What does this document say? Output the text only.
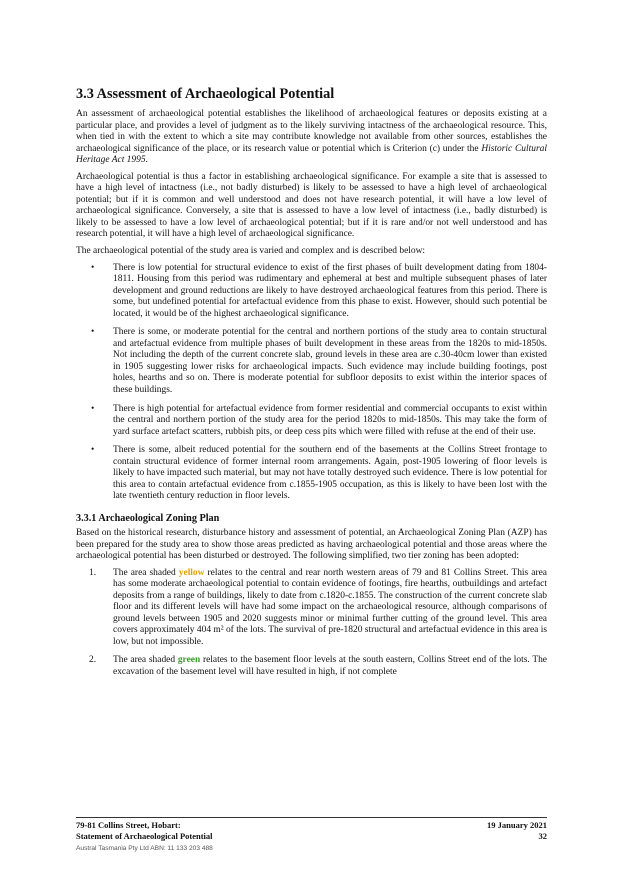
3.3 Assessment of Archaeological Potential

An assessment of archaeological potential establishes the likelihood of archaeological features or deposits existing at a particular place, and provides a level of judgment as to the likely surviving intactness of the archaeological resource. This, when tied in with the extent to which a site may contribute knowledge not available from other sources, establishes the archaeological significance of the place, or its research value or potential which is Criterion (c) under the Historic Cultural Heritage Act 1995.

Archaeological potential is thus a factor in establishing archaeological significance. For example a site that is assessed to have a high level of intactness (i.e., not badly disturbed) is likely to be assessed to have a high level of archaeological potential; but if it is common and well understood and does not have research potential, it will have a low level of archaeological significance. Conversely, a site that is assessed to have a low level of intactness (i.e., badly disturbed) is likely to be assessed to have a low level of archaeological potential; but if it is rare and/or not well understood and has research potential, it will have a high level of archaeological significance.

The archaeological potential of the study area is varied and complex and is described below:

• There is low potential for structural evidence to exist of the first phases of built development dating from 1804-1811. Housing from this period was rudimentary and ephemeral at best and multiple subsequent phases of later development and ground reductions are likely to have destroyed archaeological features from this period. There is some, but undefined potential for artefactual evidence from this phase to exist. However, should such potential be located, it would be of the highest archaeological significance.
• There is some, or moderate potential for the central and northern portions of the study area to contain structural and artefactual evidence from multiple phases of built development in these areas from the 1820s to mid-1850s. Not including the depth of the current concrete slab, ground levels in these area are c.30-40cm lower than existed in 1905 suggesting lower risks for archaeological impacts. Such evidence may include building footings, post holes, hearths and so on. There is moderate potential for subfloor deposits to exist within the interior spaces of these buildings.
• There is high potential for artefactual evidence from former residential and commercial occupants to exist within the central and northern portion of the study area for the period 1820s to mid-1850s. This may take the form of yard surface artefact scatters, rubbish pits, or deep cess pits which were filled with refuse at the end of their use.
• There is some, albeit reduced potential for the southern end of the basements at the Collins Street frontage to contain structural evidence of former internal room arrangements. Again, post-1905 lowering of floor levels is likely to have impacted such material, but may not have totally destroyed such evidence. There is low potential for this area to contain artefactual evidence from c.1855-1905 occupation, as this is likely to have been lost with the late twentieth century reduction in floor levels.
3.3.1 Archaeological Zoning Plan

Based on the historical research, disturbance history and assessment of potential, an Archaeological Zoning Plan (AZP) has been prepared for the study area to show those areas predicted as having archaeological potential and those areas where the archaeological potential has been disturbed or destroyed. The following simplified, two tier zoning has been adopted:

1. The area shaded yellow relates to the central and rear north western areas of 79 and 81 Collins Street. This area has some moderate archaeological potential to contain evidence of footings, fire hearths, outbuildings and artefact deposits from a range of buildings, likely to date from c.1820-c.1855. The construction of the current concrete slab floor and its different levels will have had some impact on the archaeological resource, although comparisons of ground levels between 1905 and 2020 suggests minor or minimal further cutting of the ground level. This area covers approximately 404 m² of the lots. The survival of pre-1820 structural and artefactual evidence in this area is low, but not impossible.
2. The area shaded green relates to the basement floor levels at the south eastern, Collins Street end of the lots. The excavation of the basement level will have resulted in high, if not complete
79-81 Collins Street, Hobart:	19 January 2021
Statement of Archaeological Potential	32
Austral Tasmania Pty Ltd ABN: 11 133 203 488
